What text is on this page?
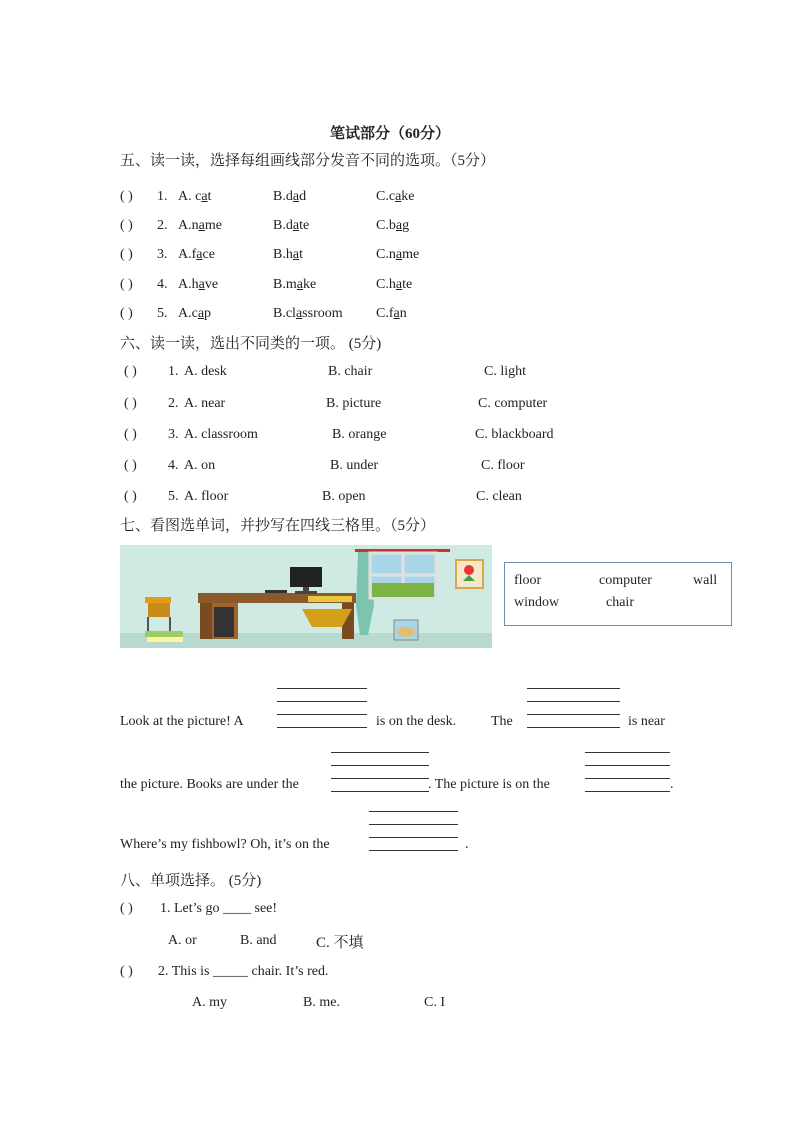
笔试部分（60分）
五、读一读，选择每组画线部分发音不同的选项。（5分）
( ) 1. A. cat	B.dad	C.cake
( ) 2. A.name	B.date	C.bag
( ) 3. A.face	B.hat	C.name
( ) 4. A.have	B.make	C.hate
( ) 5. A.cap	B.classroom C.fan
六、读一读，选出不同类的一项。 (5分)
( ) 1. A. desk	B. chair	C. light
( ) 2. A. near	B. picture	C. computer
( ) 3. A. classroom	B. orange	C. blackboard
( ) 4. A. on	B. under	C. floor
( ) 5. A. floor	B. open	C. clean
七、看图选单词，并抄写在四线三格里。（5分）
floor	computer	wall
window	chair
Look at the picture! A	is on the desk. The	is near
the picture. Books are under the	. The picture is on the	.
Where’s my fishbowl? Oh, it’s on the	.
八、单项选择。 (5分)
( ) 1. Let’s go ____ see!
A. or	B. and	C. 不填
( ) 2. This is _____ chair. It’s red.
A. my	B. me.	C. I
